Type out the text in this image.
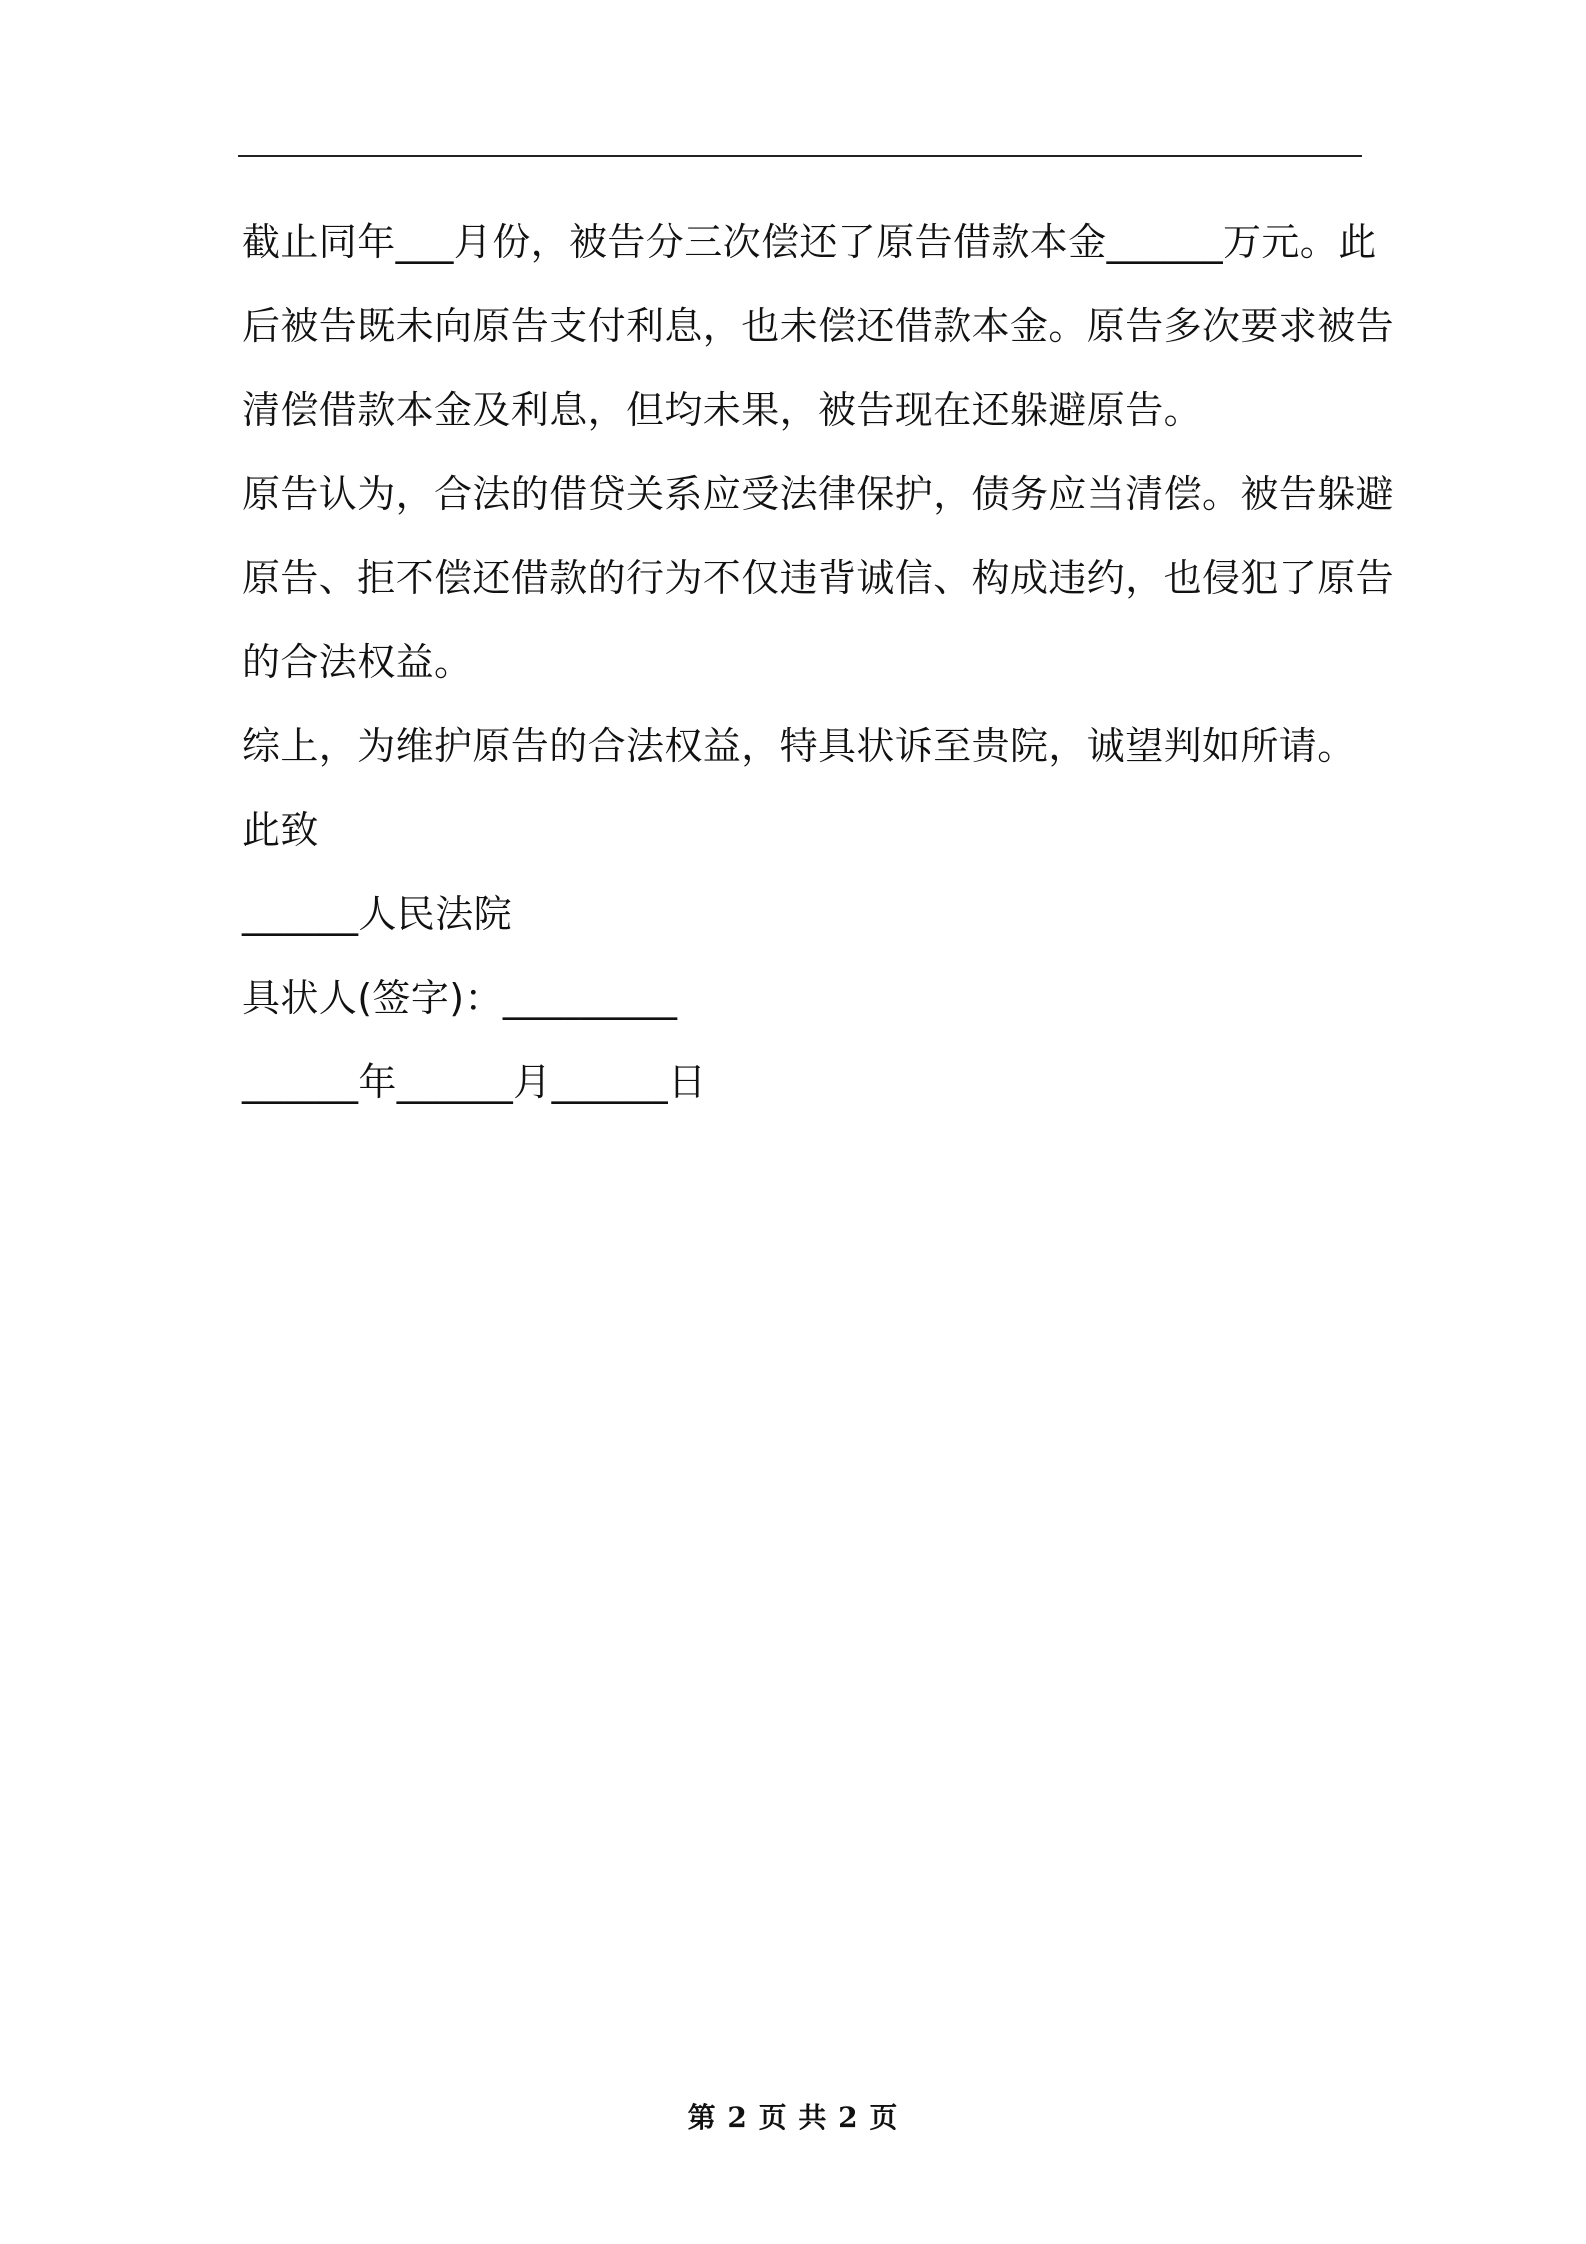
截止同年___月份，被告分三次偿还了原告借款本金______万元。此
后被告既未向原告支付利息，也未偿还借款本金。原告多次要求被告
清偿借款本金及利息，但均未果，被告现在还躲避原告。
原告认为，合法的借贷关系应受法律保护，债务应当清偿。被告躲避
原告、拒不偿还借款的行为不仅违背诚信、构成违约，也侵犯了原告
的合法权益。
综上，为维护原告的合法权益，特具状诉至贵院，诚望判如所请。
此致
______人民法院
具状人(签字)：_________
______年______月______日
第 2 页 共 2 页
